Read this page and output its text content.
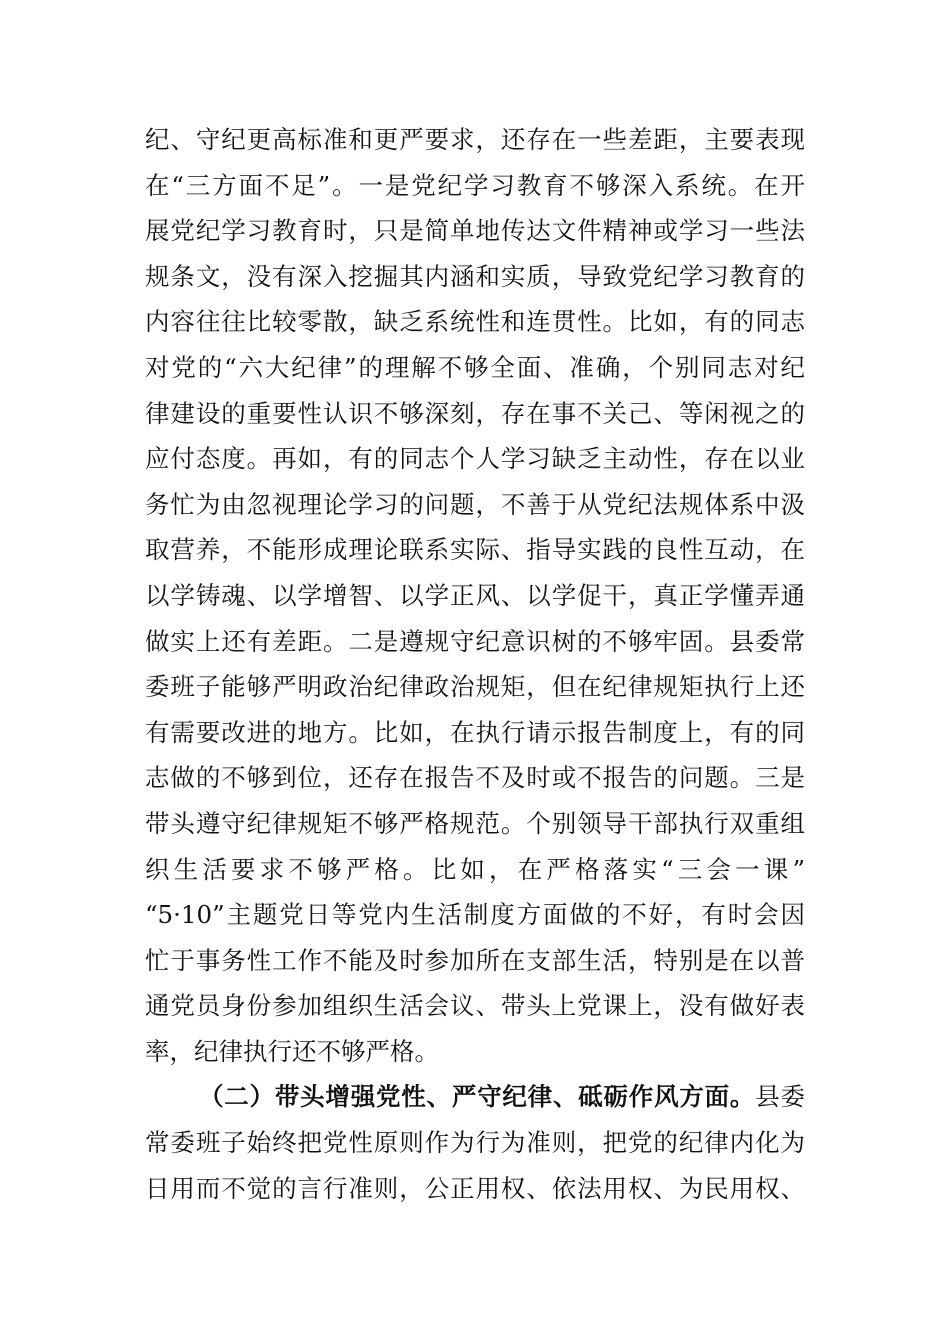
纪、守纪更高标准和更严要求，还存在一些差距，主要表现
在“三方面不足”。一是党纪学习教育不够深入系统。在开
展党纪学习教育时，只是简单地传达文件精神或学习一些法
规条文，没有深入挖掘其内涵和实质，导致党纪学习教育的
内容往往比较零散，缺乏系统性和连贯性。比如，有的同志
对党的“六大纪律”的理解不够全面、准确，个别同志对纪
律建设的重要性认识不够深刻，存在事不关己、等闲视之的
应付态度。再如，有的同志个人学习缺乏主动性，存在以业
务忙为由忽视理论学习的问题，不善于从党纪法规体系中汲
取营养，不能形成理论联系实际、指导实践的良性互动，在
以学铸魂、以学增智、以学正风、以学促干，真正学懂弄通
做实上还有差距。二是遵规守纪意识树的不够牢固。县委常
委班子能够严明政治纪律政治规矩，但在纪律规矩执行上还
有需要改进的地方。比如，在执行请示报告制度上，有的同
志做的不够到位，还存在报告不及时或不报告的问题。三是
带头遵守纪律规矩不够严格规范。个别领导干部执行双重组
织生活要求不够严格。比如，在严格落实“三会一课”
“5·10”主题党日等党内生活制度方面做的不好，有时会因
忙于事务性工作不能及时参加所在支部生活，特别是在以普
通党员身份参加组织生活会议、带头上党课上，没有做好表
率，纪律执行还不够严格。
（二）带头增强党性、严守纪律、砥砺作风方面。县委
常委班子始终把党性原则作为行为准则，把党的纪律内化为
日用而不觉的言行准则，公正用权、依法用权、为民用权、
